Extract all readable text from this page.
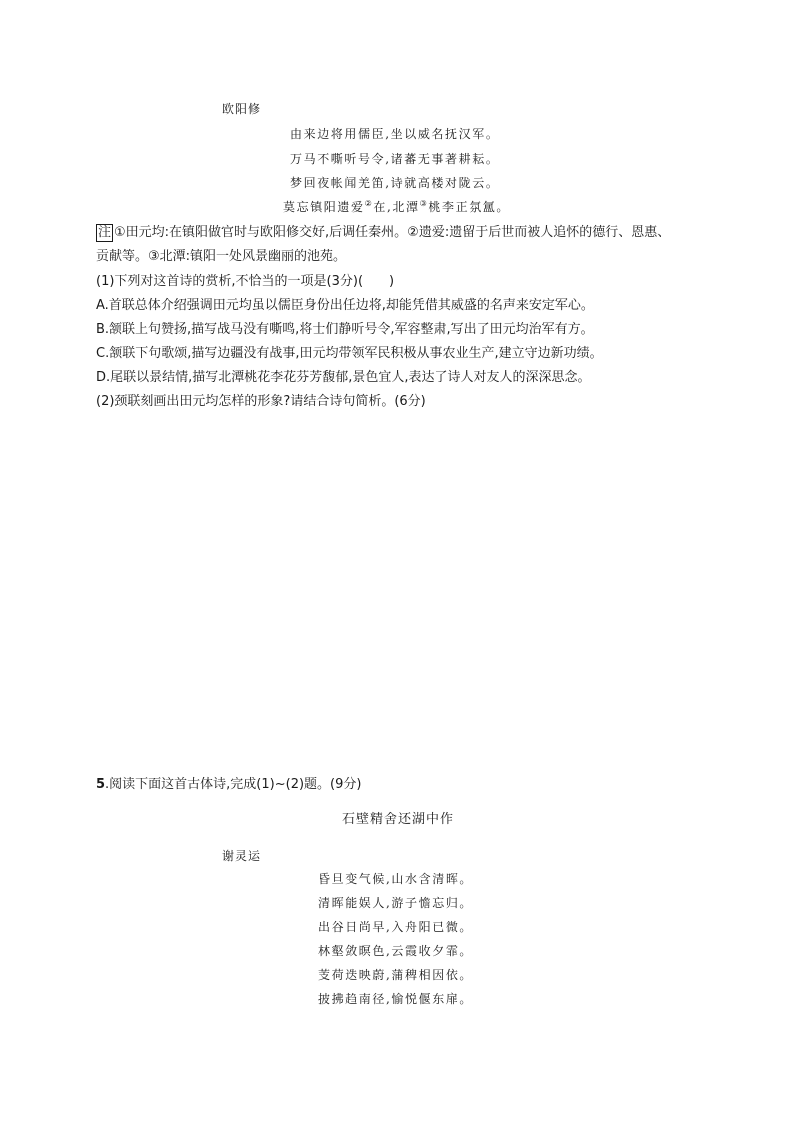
欧阳修
由来边将用儒臣,坐以威名抚汉军。
万马不嘶听号令,诸蕃无事著耕耘。
梦回夜帐闻羌笛,诗就高楼对陇云。
莫忘镇阳遗爱②在,北潭③桃李正氛氲。
注 ①田元均:在镇阳做官时与欧阳修交好,后调任秦州。②遗爱:遗留于后世而被人追怀的德行、恩惠、
贡献等。③北潭:镇阳一处风景幽丽的池苑。
(1)下列对这首诗的赏析,不恰当的一项是(3分)(　　)
A.首联总体介绍强调田元均虽以儒臣身份出任边将,却能凭借其威盛的名声来安定军心。
B.颔联上句赞扬,描写战马没有嘶鸣,将士们静听号令,军容整肃,写出了田元均治军有方。
C.颔联下句歌颂,描写边疆没有战事,田元均带领军民积极从事农业生产,建立守边新功绩。
D.尾联以景结情,描写北潭桃花李花芬芳馥郁,景色宜人,表达了诗人对友人的深深思念。
(2)颈联刻画出田元均怎样的形象?请结合诗句简析。(6分)
5.阅读下面这首古体诗,完成(1)~(2)题。(9分)
石壁精舍还湖中作
谢灵运
昏旦变气候,山水含清晖。
清晖能娱人,游子憺忘归。
出谷日尚早,入舟阳已微。
林壑敛暝色,云霞收夕霏。
芰荷迭映蔚,蒲稗相因依。
披拂趋南径,愉悦偃东扉。
